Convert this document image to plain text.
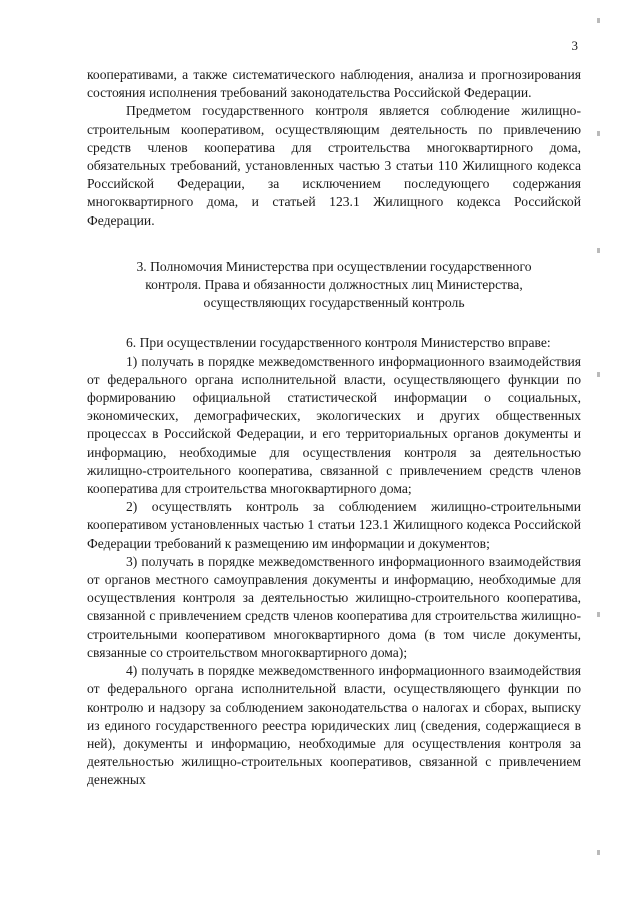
3

кооперативами, а также систематического наблюдения, анализа и прогнозирования состояния исполнения требований законодательства Российской Федерации.

Предметом государственного контроля является соблюдение жилищно-строительным кооперативом, осуществляющим деятельность по привлечению средств членов кооператива для строительства многоквартирного дома, обязательных требований, установленных частью 3 статьи 110 Жилищного кодекса Российской Федерации, за исключением последующего содержания многоквартирного дома, и статьей 123.1 Жилищного кодекса Российской Федерации.

3. Полномочия Министерства при осуществлении государственного

контроля. Права и обязанности должностных лиц Министерства,

осуществляющих государственный контроль

6. При осуществлении государственного контроля Министерство вправе:

1) получать в порядке межведомственного информационного взаимодействия от федерального органа исполнительной власти, осуществляющего функции по формированию официальной статистической информации о социальных, экономических, демографических, экологических и других общественных процессах в Российской Федерации, и его территориальных органов документы и информацию, необходимые для осуществления контроля за деятельностью жилищно-строительного кооператива, связанной с привлечением средств членов кооператива для строительства многоквартирного дома;

2) осуществлять контроль за соблюдением жилищно-строительными кооперативом установленных частью 1 статьи 123.1 Жилищного кодекса Российской Федерации требований к размещению им информации и документов;

3) получать в порядке межведомственного информационного взаимодействия от органов местного самоуправления документы и информацию, необходимые для осуществления контроля за деятельностью жилищно-строительного кооператива, связанной с привлечением средств членов кооператива для строительства жилищно-строительными кооперативом многоквартирного дома (в том числе документы, связанные со строительством многоквартирного дома);

4) получать в порядке межведомственного информационного взаимодействия от федерального органа исполнительной власти, осуществляющего функции по контролю и надзору за соблюдением законодательства о налогах и сборах, выписку из единого государственного реестра юридических лиц (сведения, содержащиеся в ней), документы и информацию, необходимые для осуществления контроля за деятельностью жилищно-строительных кооперативов, связанной с привлечением денежных
